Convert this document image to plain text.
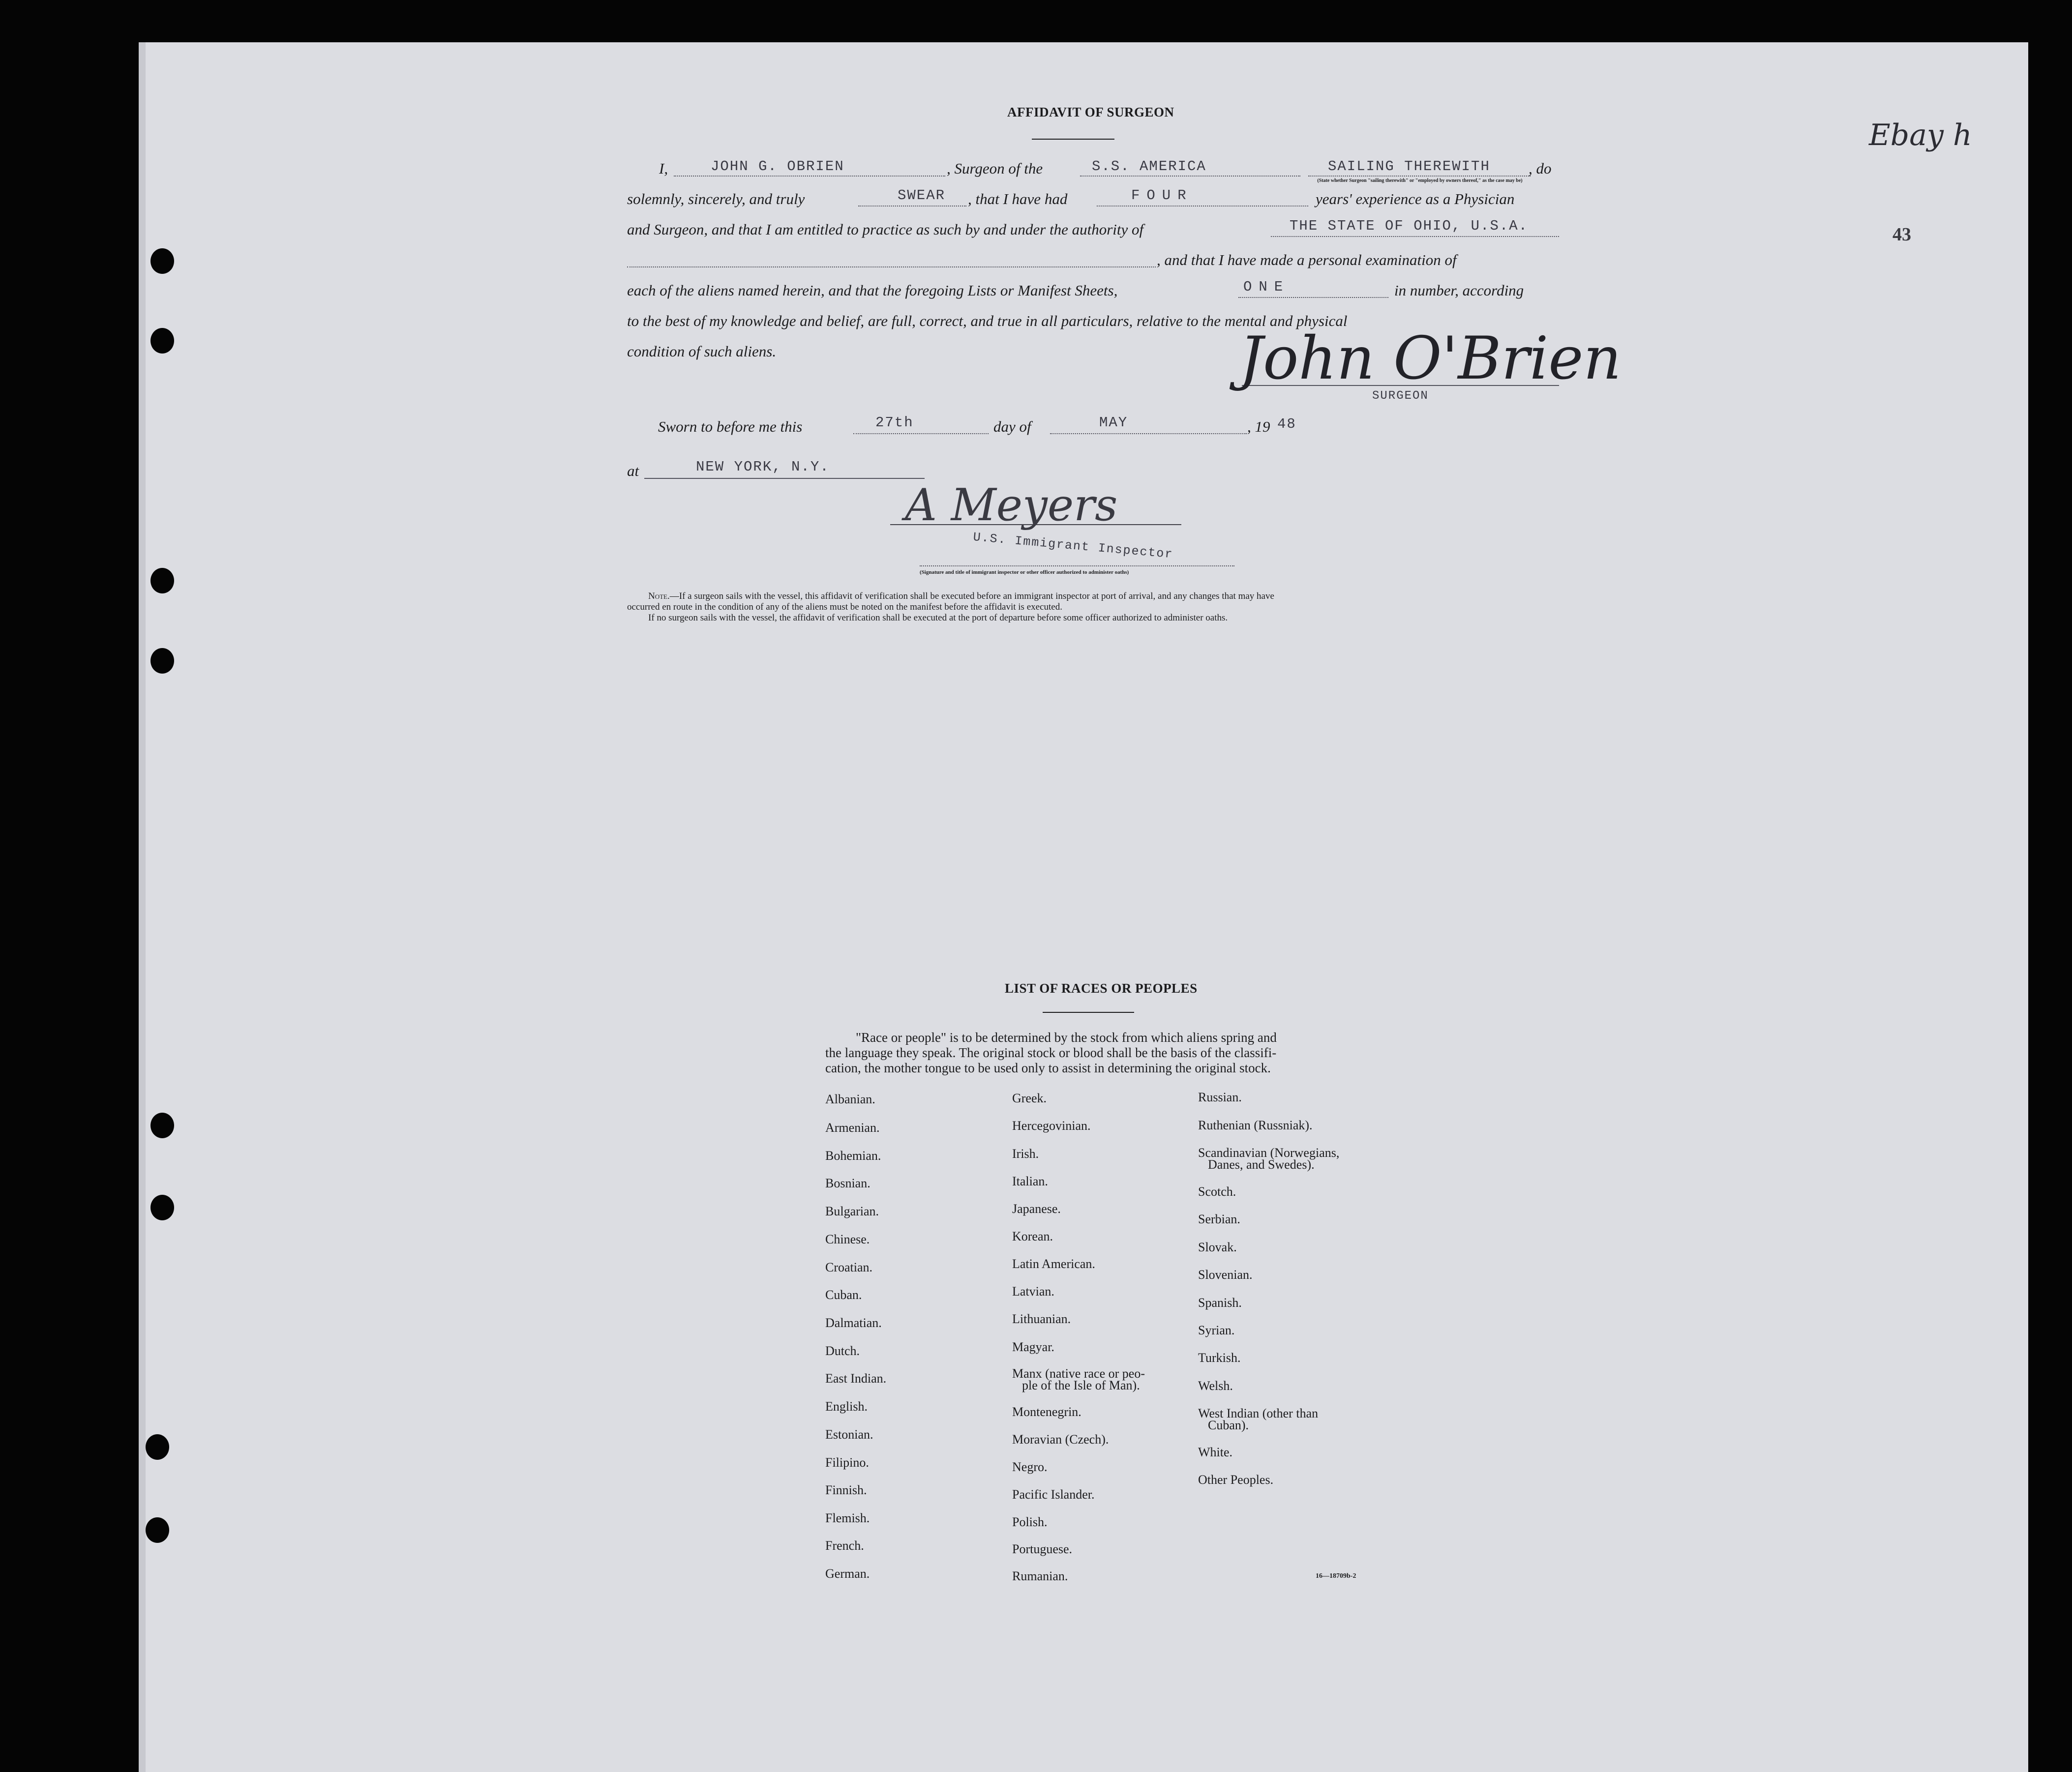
Ebay h
43
AFFIDAVIT OF SURGEON
I,	JOHN G. OBRIEN	, Surgeon of the	S.S. AMERICA	SAILING THEREWITH	, do
(State whether Surgeon "sailing therewith" or "employed by owners thereof," as the case may be)
solemnly, sincerely, and truly	SWEAR , that I have had	FOUR	years' experience as a Physician
and Surgeon, and that I am entitled to practice as such by and under the authority of	THE STATE OF OHIO, U.S.A.
, and that I have made a personal examination of
each of the aliens named herein, and that the foregoing Lists or Manifest Sheets,	ONE	in number, according
to the best of my knowledge and belief, are full, correct, and true in all particulars, relative to the mental and physical
condition of such aliens.	John O'Brien
SURGEON
Sworn to before me this	27th	day of	MAY	, 19 48
at	NEW YORK, N.Y.
A Meyers
U.S. Immigrant Inspector
(Signature and title of immigrant inspector or other officer authorized to administer oaths)
Note.—If a surgeon sails with the vessel, this affidavit of verification shall be executed before an immigrant inspector at port of arrival, and any changes that may have
occurred en route in the condition of any of the aliens must be noted on the manifest before the affidavit is executed.
If no surgeon sails with the vessel, the affidavit of verification shall be executed at the port of departure before some officer authorized to administer oaths.
LIST OF RACES OR PEOPLES
"Race or people" is to be determined by the stock from which aliens spring and
the language they speak. The original stock or blood shall be the basis of the classifi-
cation, the mother tongue to be used only to assist in determining the original stock.
Albanian.
Armenian.
Bohemian.
Bosnian.
Bulgarian.
Chinese.
Croatian.
Cuban.
Dalmatian.
Dutch.
East Indian.
English.
Estonian.
Filipino.
Finnish.
Flemish.
French.
German.
Greek.
Hercegovinian.
Irish.
Italian.
Japanese.
Korean.
Latin American.
Latvian.
Lithuanian.
Magyar.
Manx (native race or peo-
ple of the Isle of Man).
Montenegrin.
Moravian (Czech).
Negro.
Pacific Islander.
Polish.
Portuguese.
Rumanian.
Russian.
Ruthenian (Russniak).
Scandinavian (Norwegians,
Danes, and Swedes).
Scotch.
Serbian.
Slovak.
Slovenian.
Spanish.
Syrian.
Turkish.
Welsh.
West Indian (other than
Cuban).
White.
Other Peoples.
16—18709b-2
